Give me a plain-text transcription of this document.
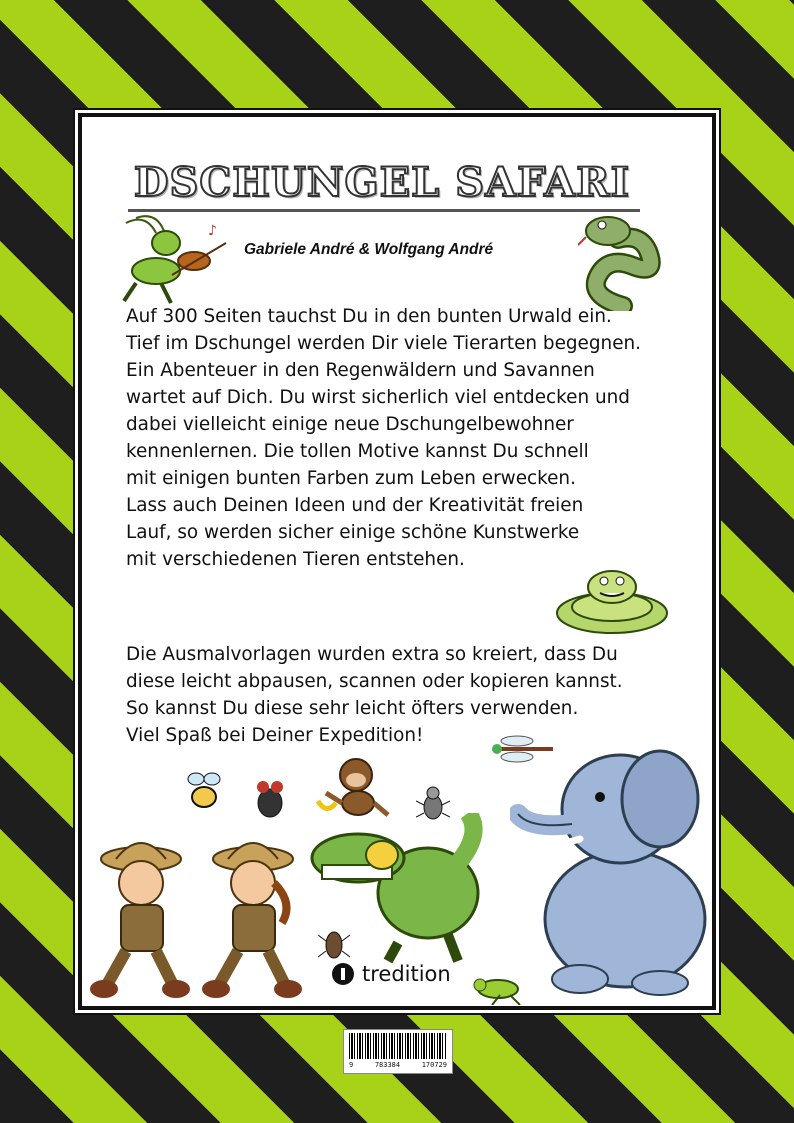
DSCHUNGEL SAFARI
Gabriele André & Wolfgang André
Auf 300 Seiten tauchst Du in den bunten Urwald ein.
Tief im Dschungel werden Dir viele Tierarten begegnen.
Ein Abenteuer in den Regenwäldern und Savannen
wartet auf Dich. Du wirst sicherlich viel entdecken und
dabei vielleicht einige neue Dschungelbewohner
kennenlernen. Die tollen Motive kannst Du schnell
mit einigen bunten Farben zum Leben erwecken.
Lass auch Deinen Ideen und der Kreativität freien
Lauf, so werden sicher einige schöne Kunstwerke
mit verschiedenen Tieren entstehen.
Die Ausmalvorlagen wurden extra so kreiert, dass Du
diese leicht abpausen, scannen oder kopieren kannst.
So kannst Du diese sehr leicht öfters verwenden.
Viel Spaß bei Deiner Expedition!
♪
tredition
9	783384	170729
